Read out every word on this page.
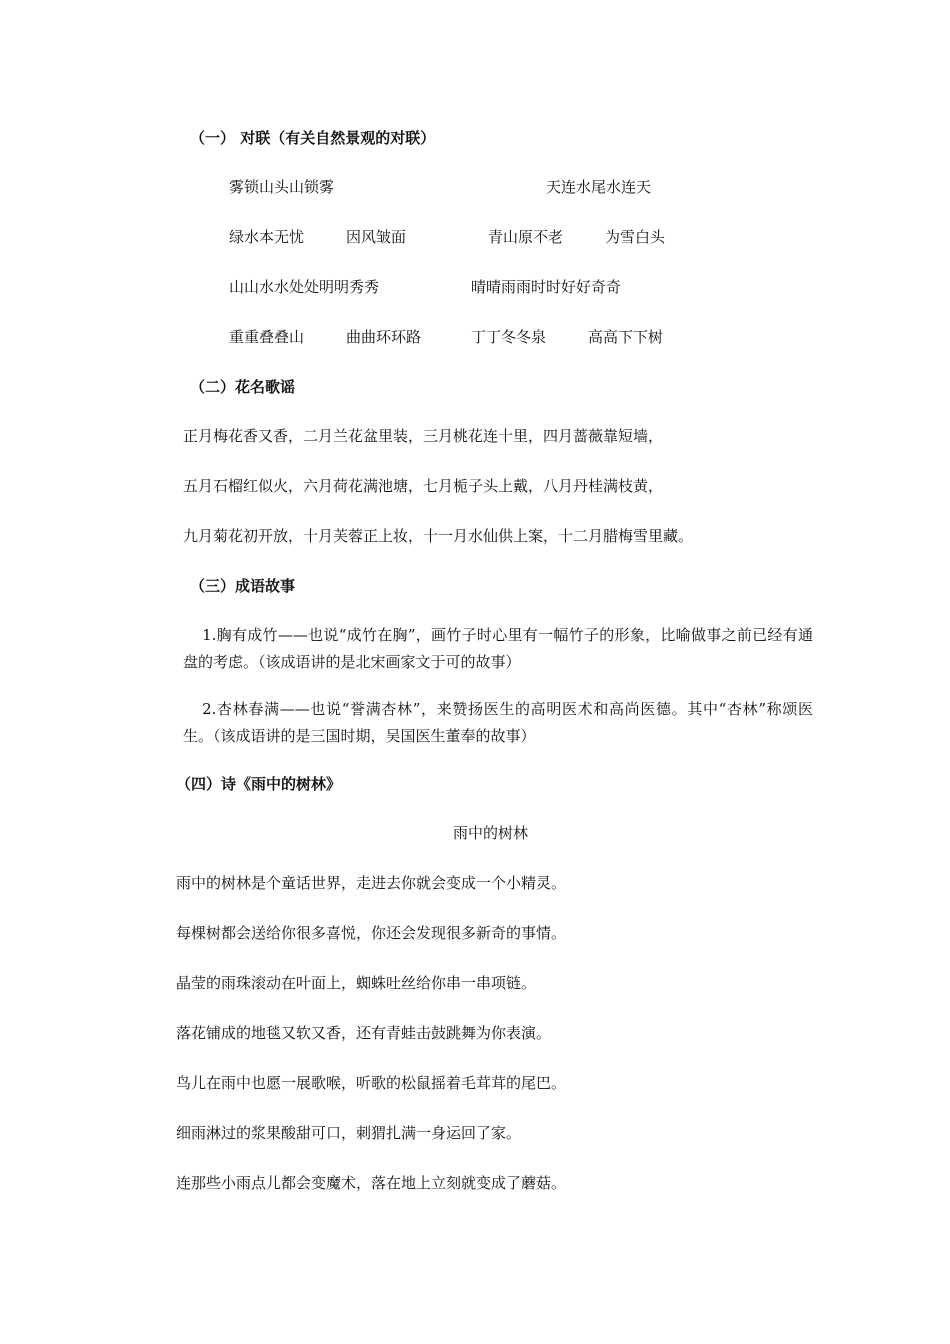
（一） 对联（有关自然景观的对联）
雾锁山头山锁雾	天连水尾水连天
绿水本无忧	因风皱面	青山原不老	为雪白头
山山水水处处明明秀秀	晴晴雨雨时时好好奇奇
重重叠叠山	曲曲环环路	丁丁冬冬泉	高高下下树
（二）花名歌谣
正月梅花香又香，二月兰花盆里装，三月桃花连十里，四月蔷薇靠短墙，
五月石榴红似火，六月荷花满池塘，七月栀子头上戴，八月丹桂满枝黄，
九月菊花初开放，十月芙蓉正上妆，十一月水仙供上案，十二月腊梅雪里藏。
（三）成语故事
1.胸有成竹——也说“成竹在胸”，画竹子时心里有一幅竹子的形象，比喻做事之前已经有通盘的考虑。（该成语讲的是北宋画家文于可的故事）
2.杏林春满——也说“誉满杏林”，来赞扬医生的高明医术和高尚医德。其中“杏林”称颂医生。（该成语讲的是三国时期，吴国医生董奉的故事）
（四）诗《雨中的树林》
雨中的树林
雨中的树林是个童话世界，走进去你就会变成一个小精灵。
每棵树都会送给你很多喜悦，你还会发现很多新奇的事情。
晶莹的雨珠滚动在叶面上，蜘蛛吐丝给你串一串项链。
落花铺成的地毯又软又香，还有青蛙击鼓跳舞为你表演。
鸟儿在雨中也愿一展歌喉，听歌的松鼠摇着毛茸茸的尾巴。
细雨淋过的浆果酸甜可口，刺猬扎满一身运回了家。
连那些小雨点儿都会变魔术，落在地上立刻就变成了蘑菇。
